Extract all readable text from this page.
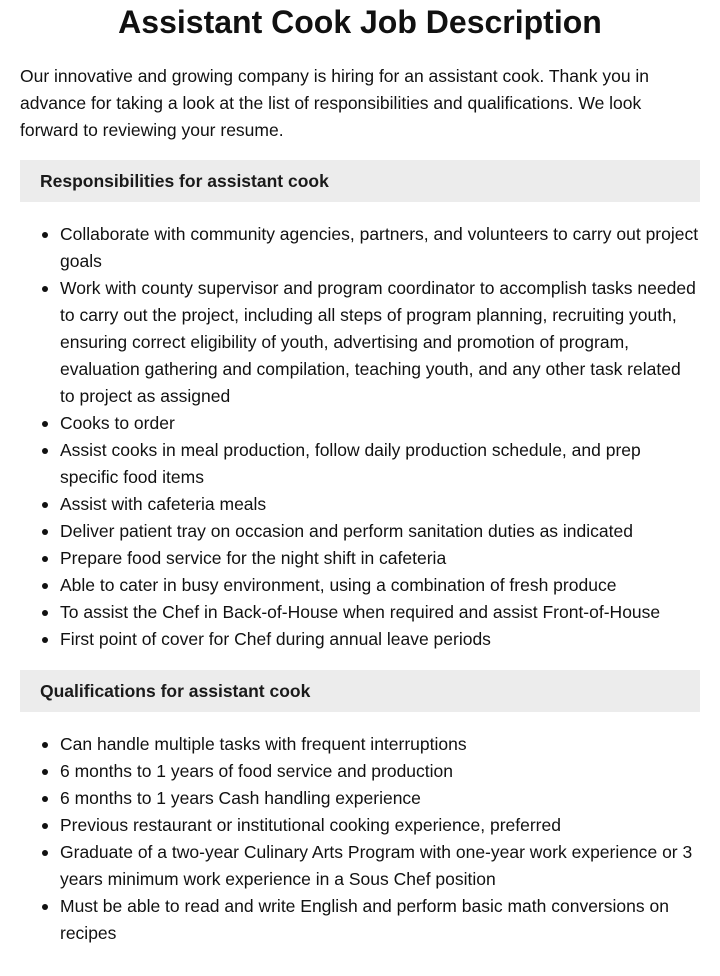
Assistant Cook Job Description

Our innovative and growing company is hiring for an assistant cook. Thank you in advance for taking a look at the list of responsibilities and qualifications. We look forward to reviewing your resume.

Responsibilities for assistant cook
Collaborate with community agencies, partners, and volunteers to carry out project goals
Work with county supervisor and program coordinator to accomplish tasks needed to carry out the project, including all steps of program planning, recruiting youth, ensuring correct eligibility of youth, advertising and promotion of program, evaluation gathering and compilation, teaching youth, and any other task related to project as assigned
Cooks to order
Assist cooks in meal production, follow daily production schedule, and prep specific food items
Assist with cafeteria meals
Deliver patient tray on occasion and perform sanitation duties as indicated
Prepare food service for the night shift in cafeteria
Able to cater in busy environment, using a combination of fresh produce
To assist the Chef in Back-of-House when required and assist Front-of-House
First point of cover for Chef during annual leave periods
Qualifications for assistant cook
Can handle multiple tasks with frequent interruptions
6 months to 1 years of food service and production
6 months to 1 years Cash handling experience
Previous restaurant or institutional cooking experience, preferred
Graduate of a two-year Culinary Arts Program with one-year work experience or 3 years minimum work experience in a Sous Chef position
Must be able to read and write English and perform basic math conversions on recipes
